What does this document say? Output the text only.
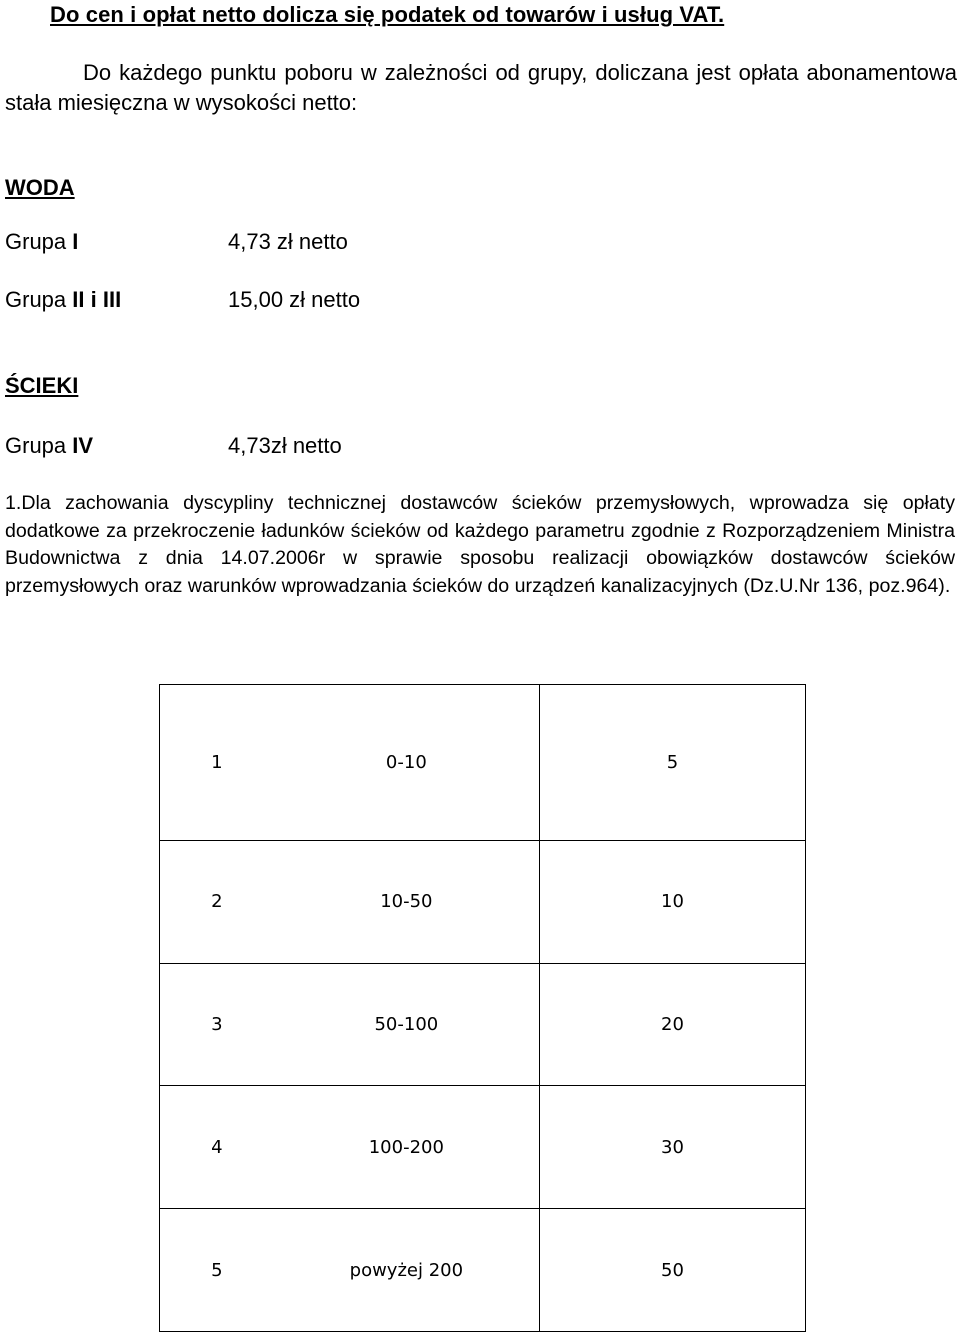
Do cen i opłat netto dolicza się podatek od towarów i usług VAT.
Do każdego punktu poboru w zależności od grupy, doliczana jest opłata abonamentowa stała miesięczna w wysokości netto:
WODA
Grupa I	4,73 zł netto
Grupa II i III	15,00 zł netto
ŚCIEKI
Grupa IV	4,73zł netto
1.Dla zachowania dyscypliny technicznej dostawców ścieków przemysłowych, wprowadza się opłaty dodatkowe za przekroczenie ładunków ścieków od każdego parametru zgodnie z Rozporządzeniem Ministra Budownictwa z dnia 14.07.2006r w sprawie sposobu realizacji obowiązków dostawców ścieków przemysłowych oraz warunków wprowadzania ścieków do urządzeń kanalizacyjnych (Dz.U.Nr 136, poz.964).
1 0-10	5

2 10-50	10

3 50-100	20

4 100-200	30

5 powyżej 200	50
